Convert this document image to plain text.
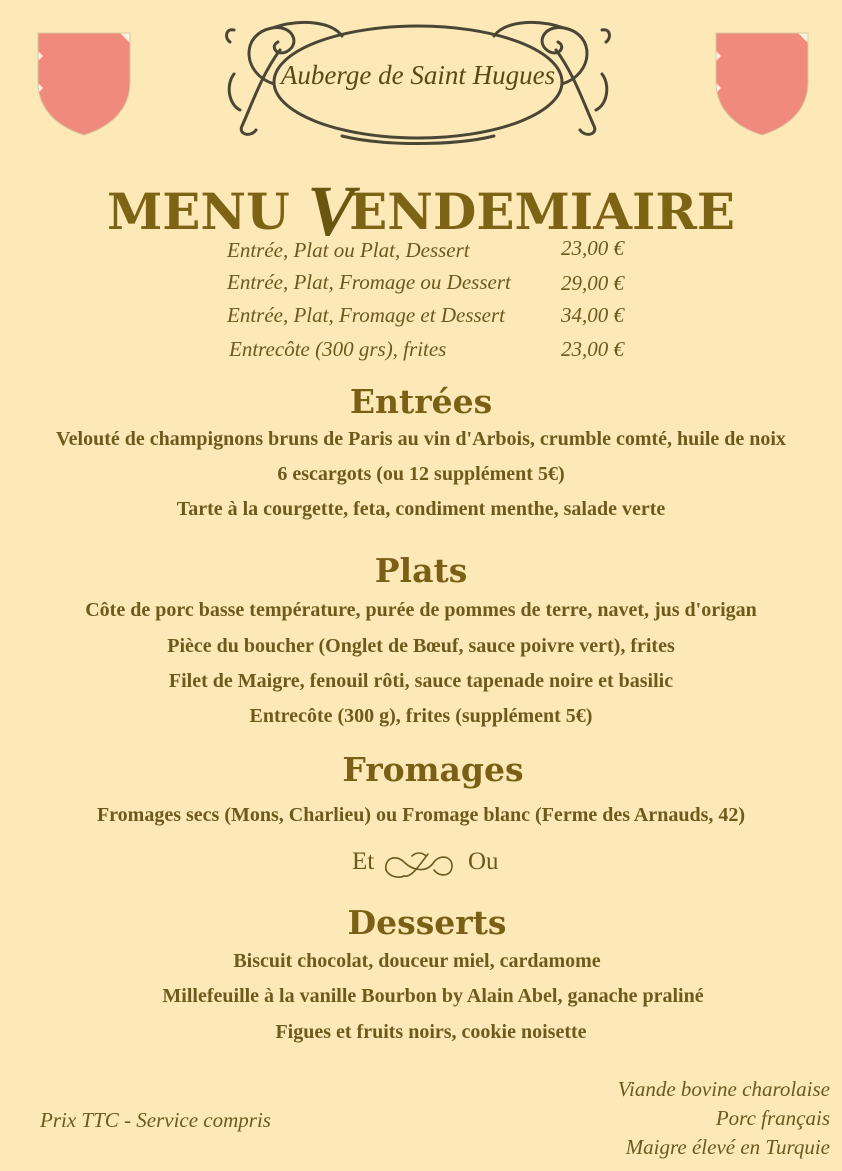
Auberge de Saint Hugues
MENU VENDEMIAIRE
Entrée, Plat ou Plat, Dessert	23,00 €
Entrée, Plat, Fromage ou Dessert	29,00 €
Entrée, Plat, Fromage et Dessert	34,00 €
Entrecôte (300 grs), frites	23,00 €
Entrées
Velouté de champignons bruns de Paris au vin d'Arbois, crumble comté, huile de noix
6 escargots (ou 12 supplément 5€)
Tarte à la courgette, feta, condiment menthe, salade verte
Plats
Côte de porc basse température, purée de pommes de terre, navet, jus d'origan
Pièce du boucher (Onglet de Bœuf, sauce poivre vert), frites
Filet de Maigre, fenouil rôti, sauce tapenade noire et basilic
Entrecôte (300 g), frites (supplément 5€)
Fromages
Fromages secs (Mons, Charlieu) ou Fromage blanc (Ferme des Arnauds, 42)
Et	Ou
Desserts
Biscuit chocolat, douceur miel, cardamome
Millefeuille à la vanille Bourbon by Alain Abel, ganache praliné
Figues et fruits noirs, cookie noisette
Prix TTC - Service compris
Viande bovine charolaise
Porc français
Maigre élevé en Turquie
